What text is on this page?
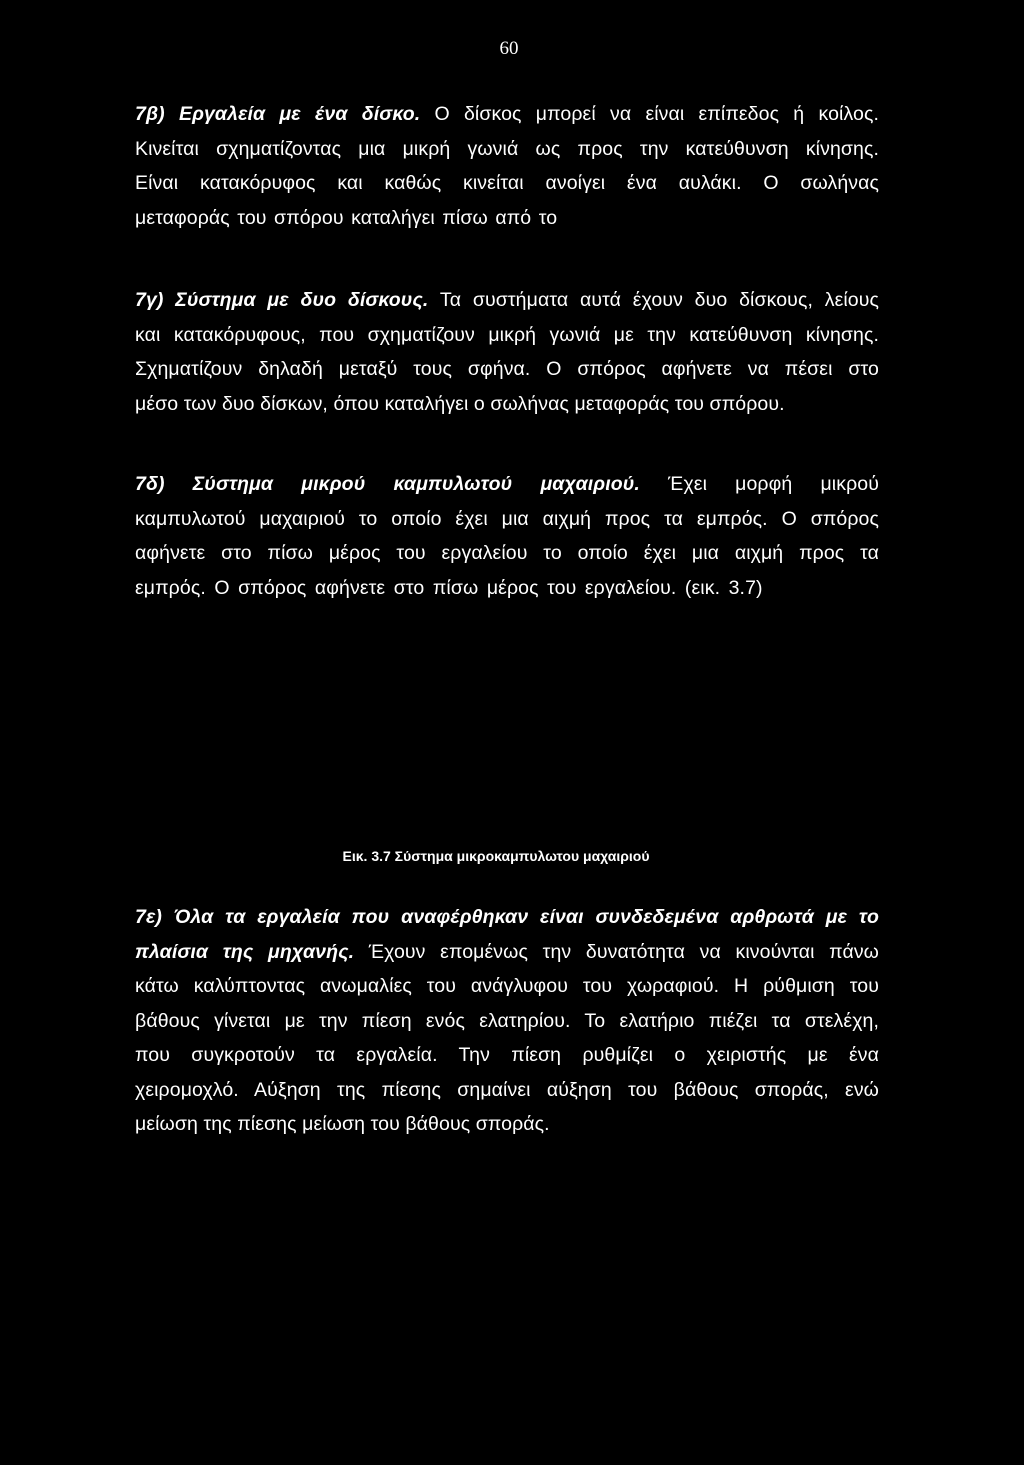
60
7β) Εργαλεία με ένα δίσκο. Ο δίσκος μπορεί να είναι επίπεδος ή κοίλος.
Κινείται σχηματίζοντας μια μικρή γωνιά ως προς την κατεύθυνση κίνησης.
Είναι κατακόρυφος και καθώς κινείται ανοίγει ένα αυλάκι. Ο σωλήνας
μεταφοράς του σπόρου καταλήγει πίσω από το
7γ) Σύστημα με δυο δίσκους. Τα συστήματα αυτά έχουν δυο δίσκους, λείους
και κατακόρυφους, που σχηματίζουν μικρή γωνιά με την κατεύθυνση κίνησης.
Σχηματίζουν δηλαδή μεταξύ τους σφήνα. Ο σπόρος αφήνετε να πέσει στο
μέσο των δυο δίσκων, όπου καταλήγει ο σωλήνας μεταφοράς του σπόρου.
7δ) Σύστημα μικρού καμπυλωτού μαχαιριού. Έχει μορφή μικρού
καμπυλωτού μαχαιριού το οποίο έχει μια αιχμή προς τα εμπρός. Ο σπόρος
αφήνετε στο πίσω μέρος του εργαλείου το οποίο έχει μια αιχμή προς τα
εμπρός. Ο σπόρος αφήνετε στο πίσω μέρος του εργαλείου. (εικ. 3.7)
Εικ. 3.7 Σύστημα μικροκαμπυλωτου μαχαιριού
7ε) Όλα τα εργαλεία που αναφέρθηκαν είναι συνδεδεμένα αρθρωτά με το
πλαίσια της μηχανής. Έχουν επομένως την δυνατότητα να κινούνται πάνω
κάτω καλύπτοντας ανωμαλίες του ανάγλυφου του χωραφιού. Η ρύθμιση του
βάθους γίνεται με την πίεση ενός ελατηρίου. Το ελατήριο πιέζει τα στελέχη,
που συγκροτούν τα εργαλεία. Την πίεση ρυθμίζει ο χειριστής με ένα
χειρομοχλό. Αύξηση της πίεσης σημαίνει αύξηση του βάθους σποράς, ενώ
μείωση της πίεσης μείωση του βάθους σποράς.
